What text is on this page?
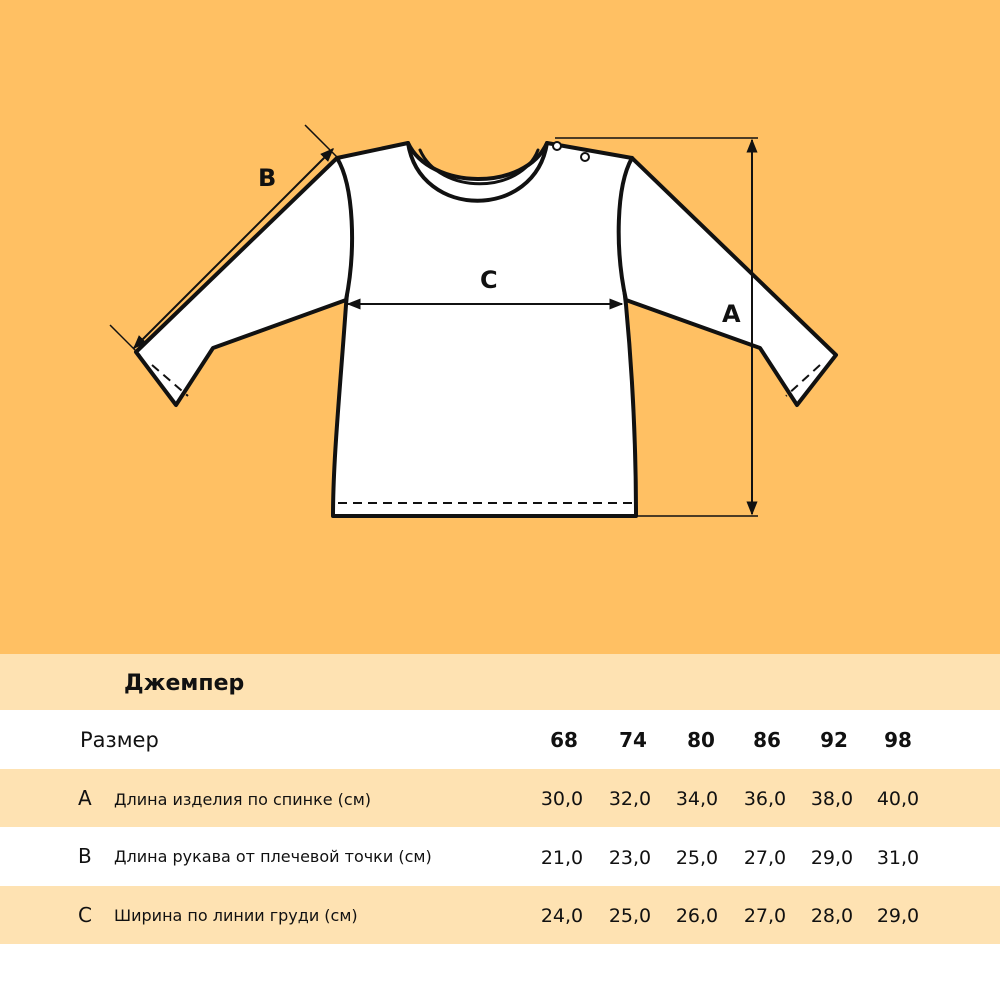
B
C
A
Джемпер
Размер	68	74	80	86	92	98
A Длина изделия по спинке (см)	30,0	32,0	34,0	36,0	38,0	40,0
B Длина рукава от плечевой точки (см)	21,0	23,0	25,0	27,0	29,0	31,0
C Ширина по линии груди (см)	24,0	25,0	26,0	27,0	28,0	29,0
